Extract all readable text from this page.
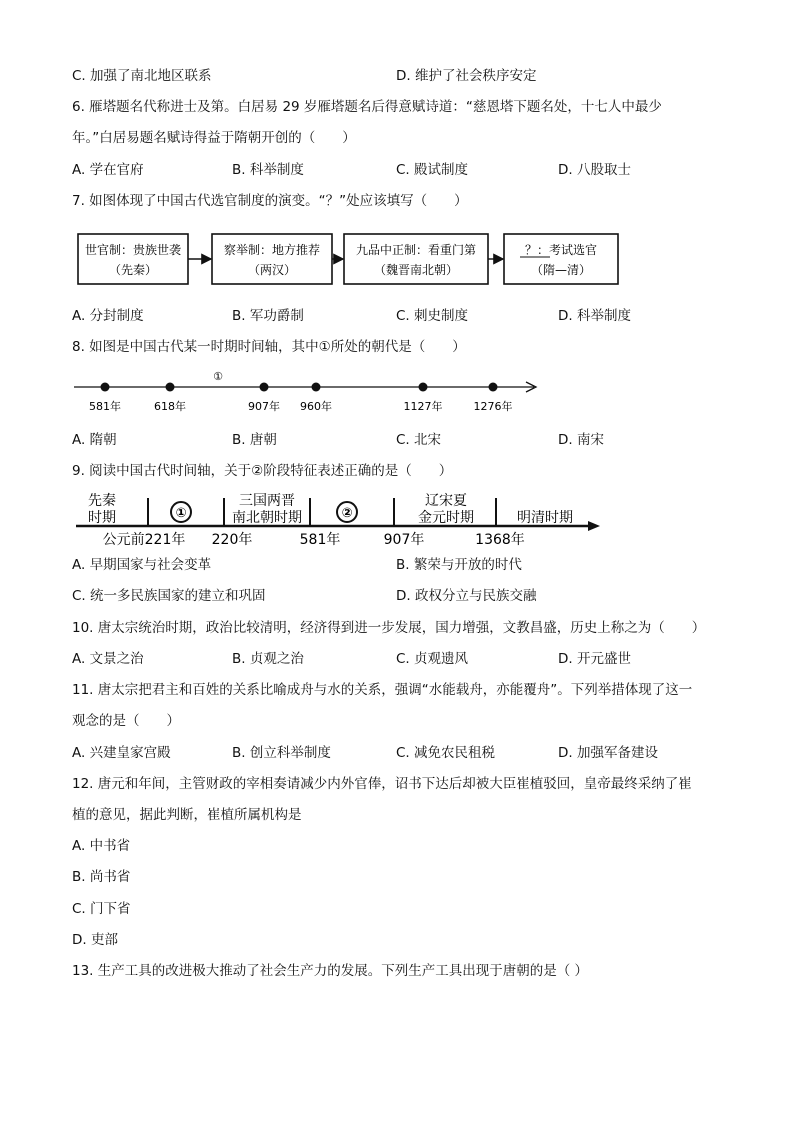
C. 加强了南北地区联系	D. 维护了社会秩序安定
6. 雁塔题名代称进士及第。白居易 29 岁雁塔题名后得意赋诗道：“慈恩塔下题名处，十七人中最少
年。”白居易题名赋诗得益于隋朝开创的（　　）
A. 学在官府	B. 科举制度	C. 殿试制度	D. 八股取士
7. 如图体现了中国古代选官制度的演变。“？”处应该填写（　　）
世官制：贵族世袭
（先秦）
察举制：地方推荐
（两汉）
九品中正制：看重门第
（魏晋南北朝）
？：考试选官
（隋—清）
A. 分封制度	B. 军功爵制	C. 刺史制度	D. 科举制度
8. 如图是中国古代某一时期时间轴，其中①所处的朝代是（　　）
①
581年	618年	907年 960年	1127年	1276年
A. 隋朝	B. 唐朝	C. 北宋	D. 南宋
9. 阅读中国古代时间轴，关于②阶段特征表述正确的是（　　）
先秦
时期	①
三国两晋
南北朝时期	②
辽宋夏
金元时期	明清时期
公元前221年 220年	581年	907年	1368年
A. 早期国家与社会变革	B. 繁荣与开放的时代
C. 统一多民族国家的建立和巩固	D. 政权分立与民族交融
10. 唐太宗统治时期，政治比较清明，经济得到进一步发展，国力增强，文教昌盛，历史上称之为（　　）
A. 文景之治	B. 贞观之治	C. 贞观遗风	D. 开元盛世
11. 唐太宗把君主和百姓的关系比喻成舟与水的关系，强调“水能载舟，亦能覆舟”。下列举措体现了这一
观念的是（　　）
A. 兴建皇家宫殿	B. 创立科举制度	C. 减免农民租税	D. 加强军备建设
12. 唐元和年间，主管财政的宰相奏请减少内外官俸，诏书下达后却被大臣崔植驳回，皇帝最终采纳了崔
植的意见，据此判断，崔植所属机构是
A. 中书省
B. 尚书省
C. 门下省
D. 吏部
13. 生产工具的改进极大推动了社会生产力的发展。下列生产工具出现于唐朝的是（ ）
